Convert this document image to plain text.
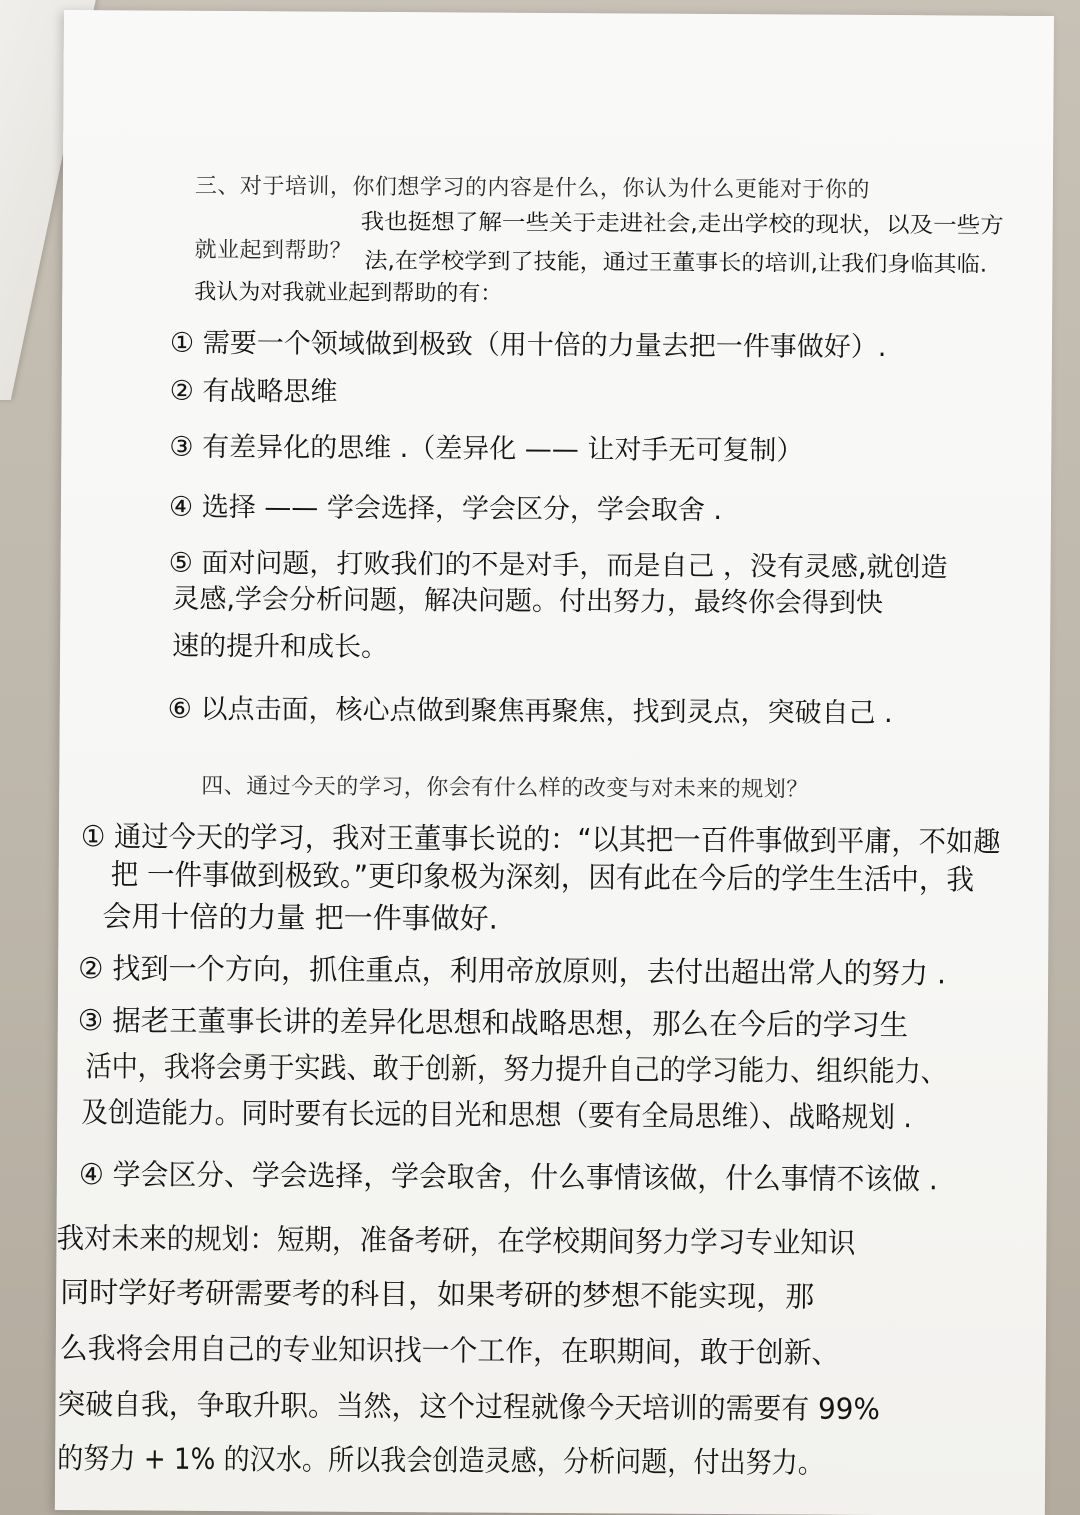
三、对于培训，你们想学习的内容是什么，你认为什么更能对于你的

就业起到帮助？

我也挺想了解一些关于走进社会,走出学校的现状，以及一些方

法,在学校学到了技能，通过王董事长的培训,让我们身临其临.

我认为对我就业起到帮助的有：

① 需要一个领域做到极致（用十倍的力量去把一件事做好）.

② 有战略思维

③ 有差异化的思维 .（差异化 —— 让对手无可复制）

④ 选择 —— 学会选择，学会区分，学会取舍 .

⑤ 面对问题，打败我们的不是对手，而是自己 ，没有灵感,就创造

灵感,学会分析问题，解决问题。付出努力，最终你会得到快

速的提升和成长。

⑥ 以点击面，核心点做到聚焦再聚焦，找到灵点，突破自己 .

四、通过今天的学习，你会有什么样的改变与对未来的规划？

① 通过今天的学习，我对王董事长说的：“以其把一百件事做到平庸，不如趣

把 一件事做到极致。”更印象极为深刻，因有此在今后的学生生活中，我

会用十倍的力量 把一件事做好.

② 找到一个方向，抓住重点，利用帝放原则，去付出超出常人的努力 .

③ 据老王董事长讲的差异化思想和战略思想，那么在今后的学习生

活中，我将会勇于实践、敢于创新，努力提升自己的学习能力、组织能力、

及创造能力。同时要有长远的目光和思想（要有全局思维）、战略规划 .

④ 学会区分、学会选择，学会取舍，什么事情该做，什么事情不该做 .

我对未来的规划：短期，准备考研，在学校期间努力学习专业知识

同时学好考研需要考的科目，如果考研的梦想不能实现，那

么我将会用自己的专业知识找一个工作，在职期间，敢于创新、

突破自我，争取升职。当然，这个过程就像今天培训的需要有 99%

的努力 + 1% 的汉水。所以我会创造灵感，分析问题，付出努力。
